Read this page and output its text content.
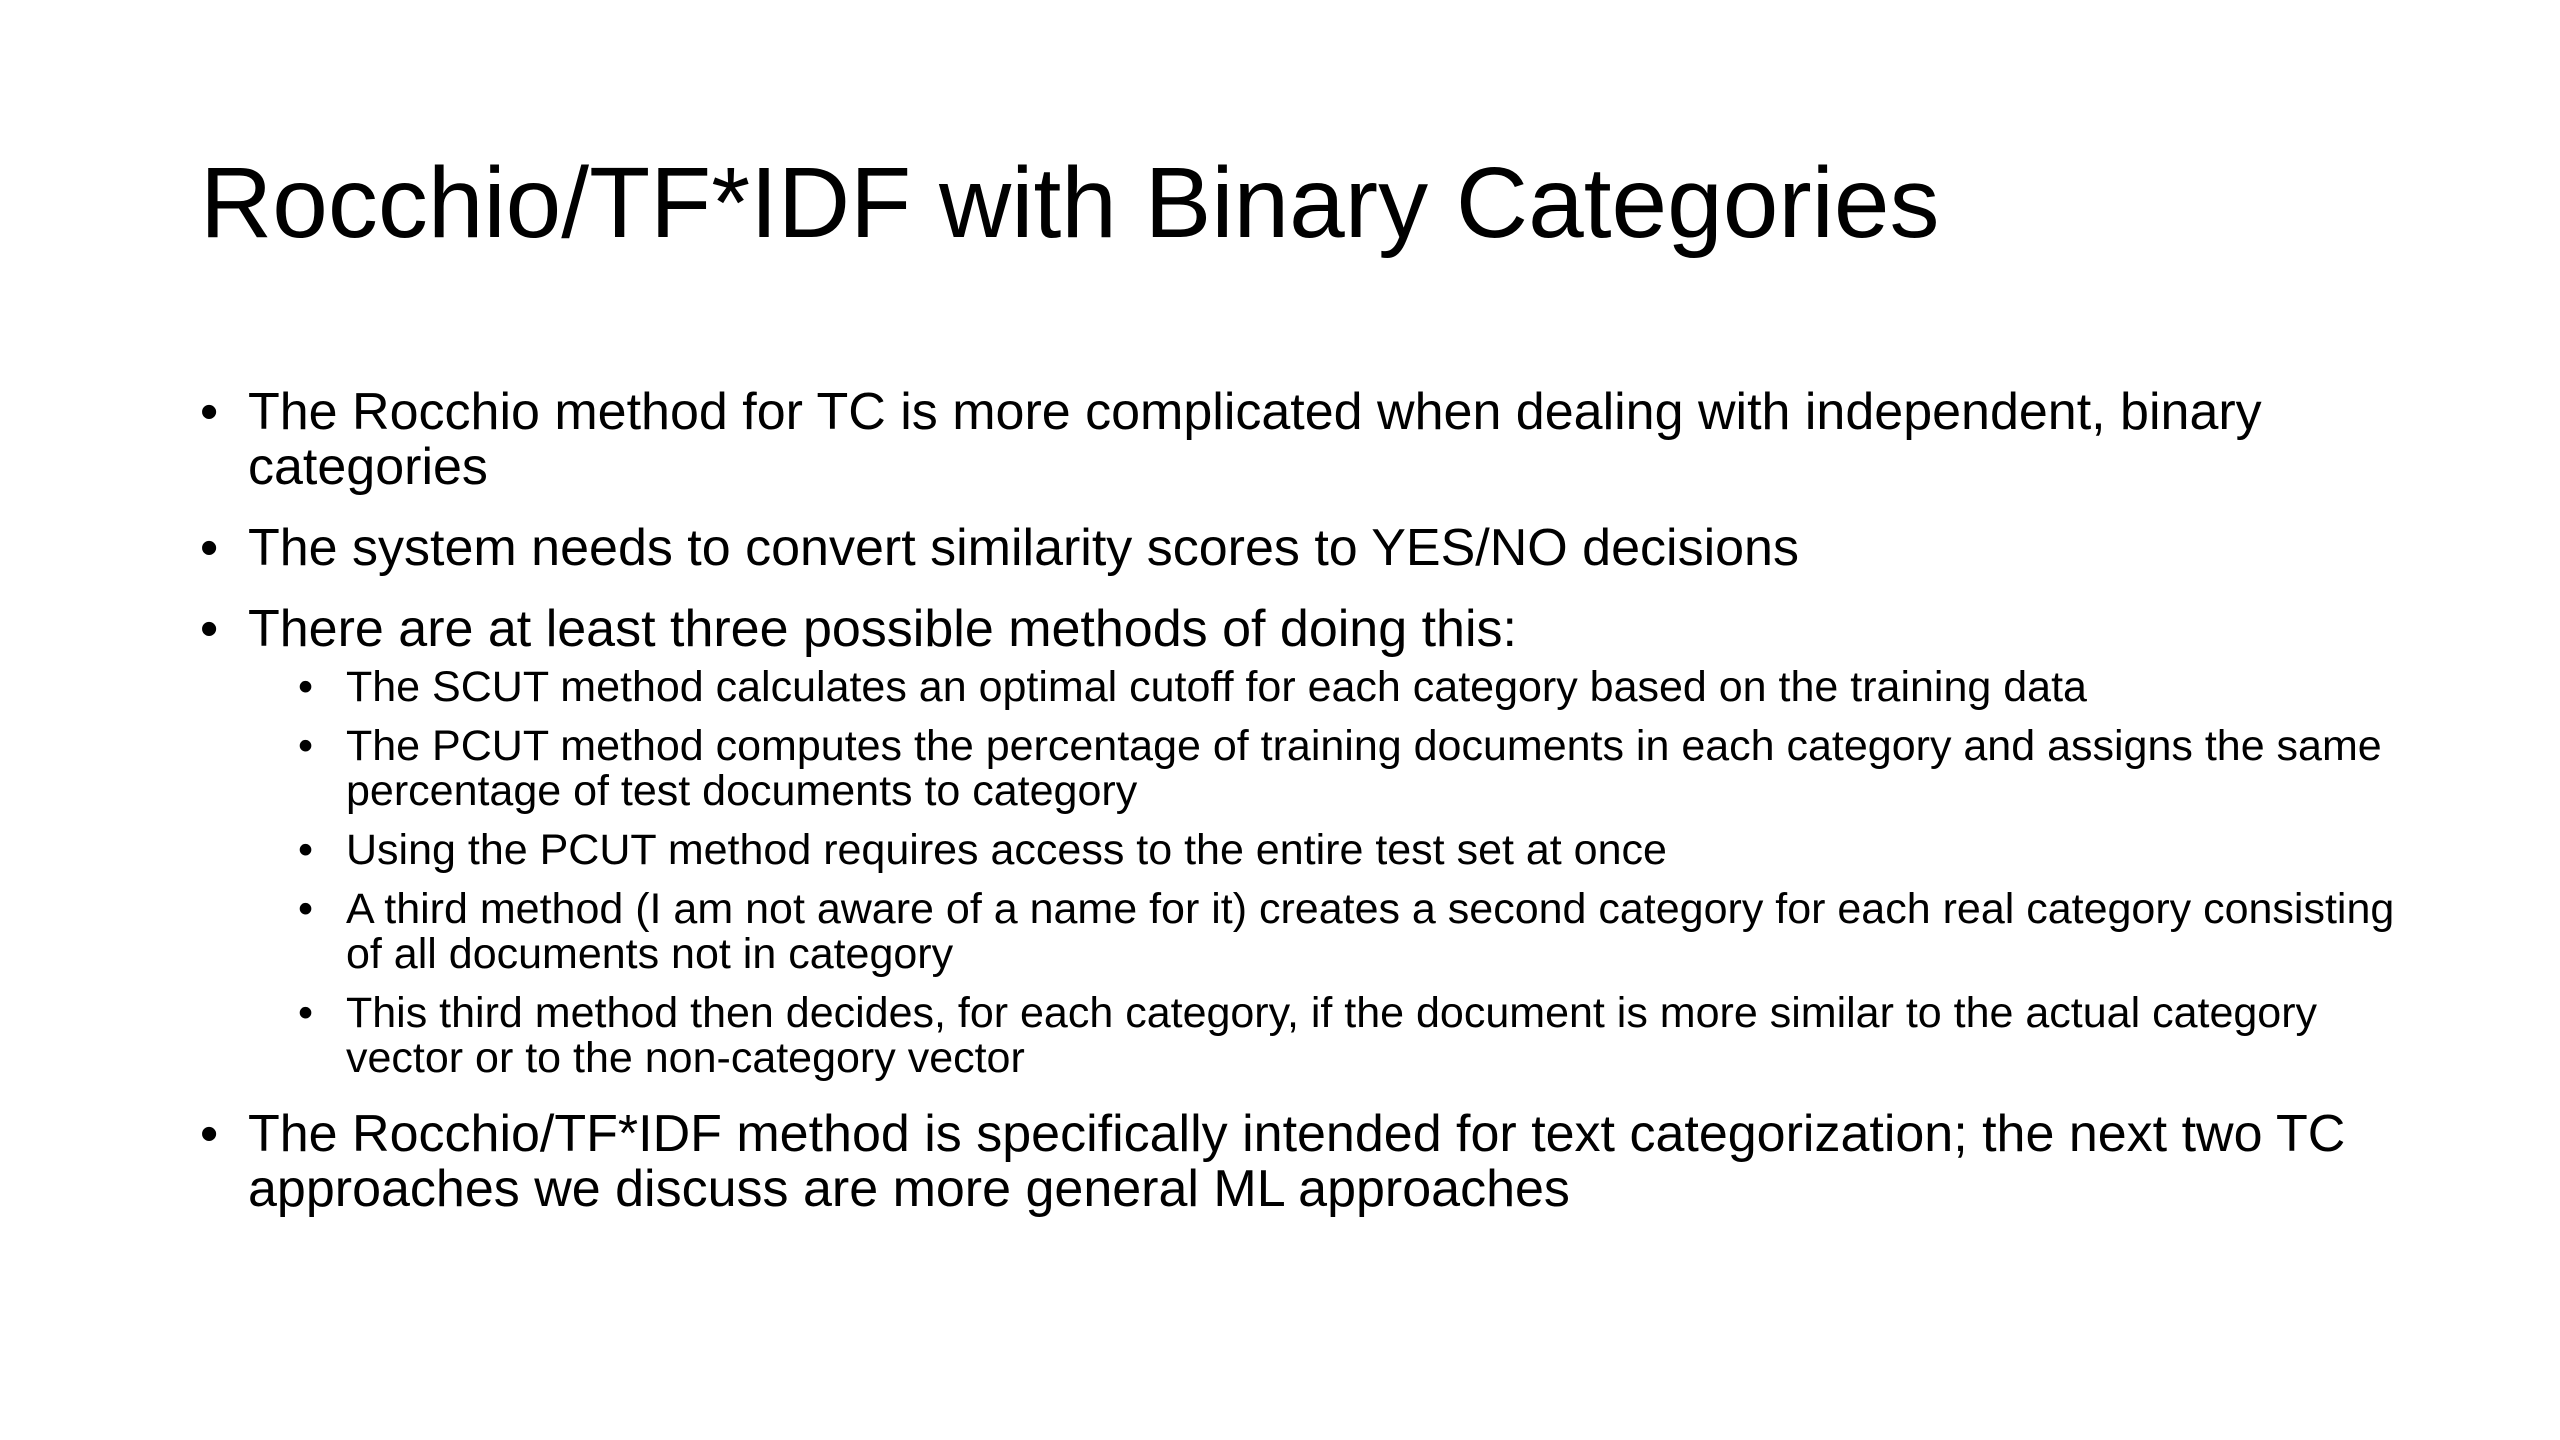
Rocchio/TF*IDF with Binary Categories
• The Rocchio method for TC is more complicated when dealing with independent, binary categories
• The system needs to convert similarity scores to YES/NO decisions
• There are at least three possible methods of doing this:
• The SCUT method calculates an optimal cutoff for each category based on the training data
• The PCUT method computes the percentage of training documents in each category and assigns the same percentage of test documents to category
• Using the PCUT method requires access to the entire test set at once
• A third method (I am not aware of a name for it) creates a second category for each real category consisting of all documents not in category
• This third method then decides, for each category, if the document is more similar to the actual category vector or to the non-category vector
• The Rocchio/TF*IDF method is specifically intended for text categorization; the next two TC approaches we discuss are more general ML approaches
